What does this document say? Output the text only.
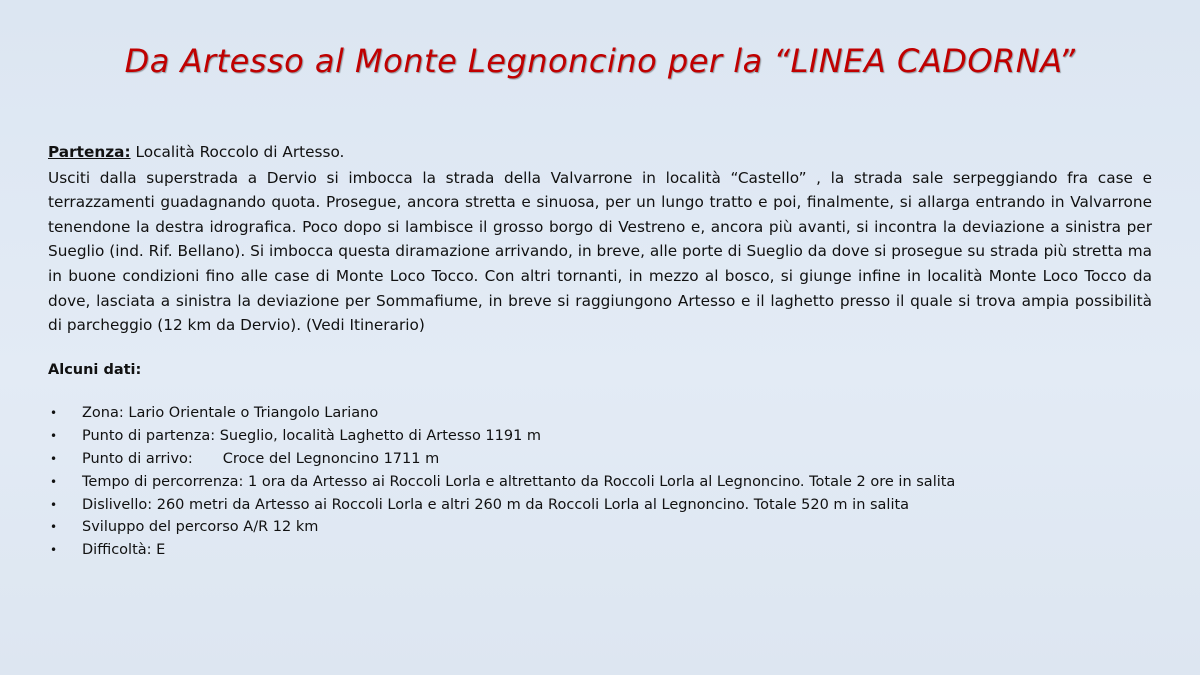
Da Artesso al Monte Legnoncino per la “LINEA CADORNA”

Partenza: Località Roccolo di Artesso.

Usciti dalla superstrada a Dervio si imbocca la strada della Valvarrone in località “Castello” , la strada sale serpeggiando fra case e terrazzamenti guadagnando quota. Prosegue, ancora stretta e sinuosa, per un lungo tratto e poi, finalmente, si allarga entrando in Valvarrone tenendone la destra idrografica. Poco dopo si lambisce il grosso borgo di Vestreno e, ancora più avanti, si incontra la deviazione a sinistra per Sueglio (ind. Rif. Bellano). Si imbocca questa diramazione arrivando, in breve, alle porte di Sueglio da dove si prosegue su strada più stretta ma in buone condizioni fino alle case di Monte Loco Tocco. Con altri tornanti, in mezzo al bosco, si giunge infine in località Monte Loco Tocco da dove, lasciata a sinistra la deviazione per Sommafiume, in breve si raggiungono Artesso e il laghetto presso il quale si trova ampia possibilità di parcheggio (12 km da Dervio). (Vedi Itinerario)

Alcuni dati:

• Zona: Lario Orientale o Triangolo Lariano
• Punto di partenza: Sueglio, località Laghetto di Artesso 1191 m
• Punto di arrivo: Croce del Legnoncino 1711 m
• Tempo di percorrenza: 1 ora da Artesso ai Roccoli Lorla e altrettanto da Roccoli Lorla al Legnoncino. Totale 2 ore in salita
• Dislivello: 260 metri da Artesso ai Roccoli Lorla e altri 260 m da Roccoli Lorla al Legnoncino. Totale 520 m in salita
• Sviluppo del percorso A/R 12 km
• Difficoltà: E
